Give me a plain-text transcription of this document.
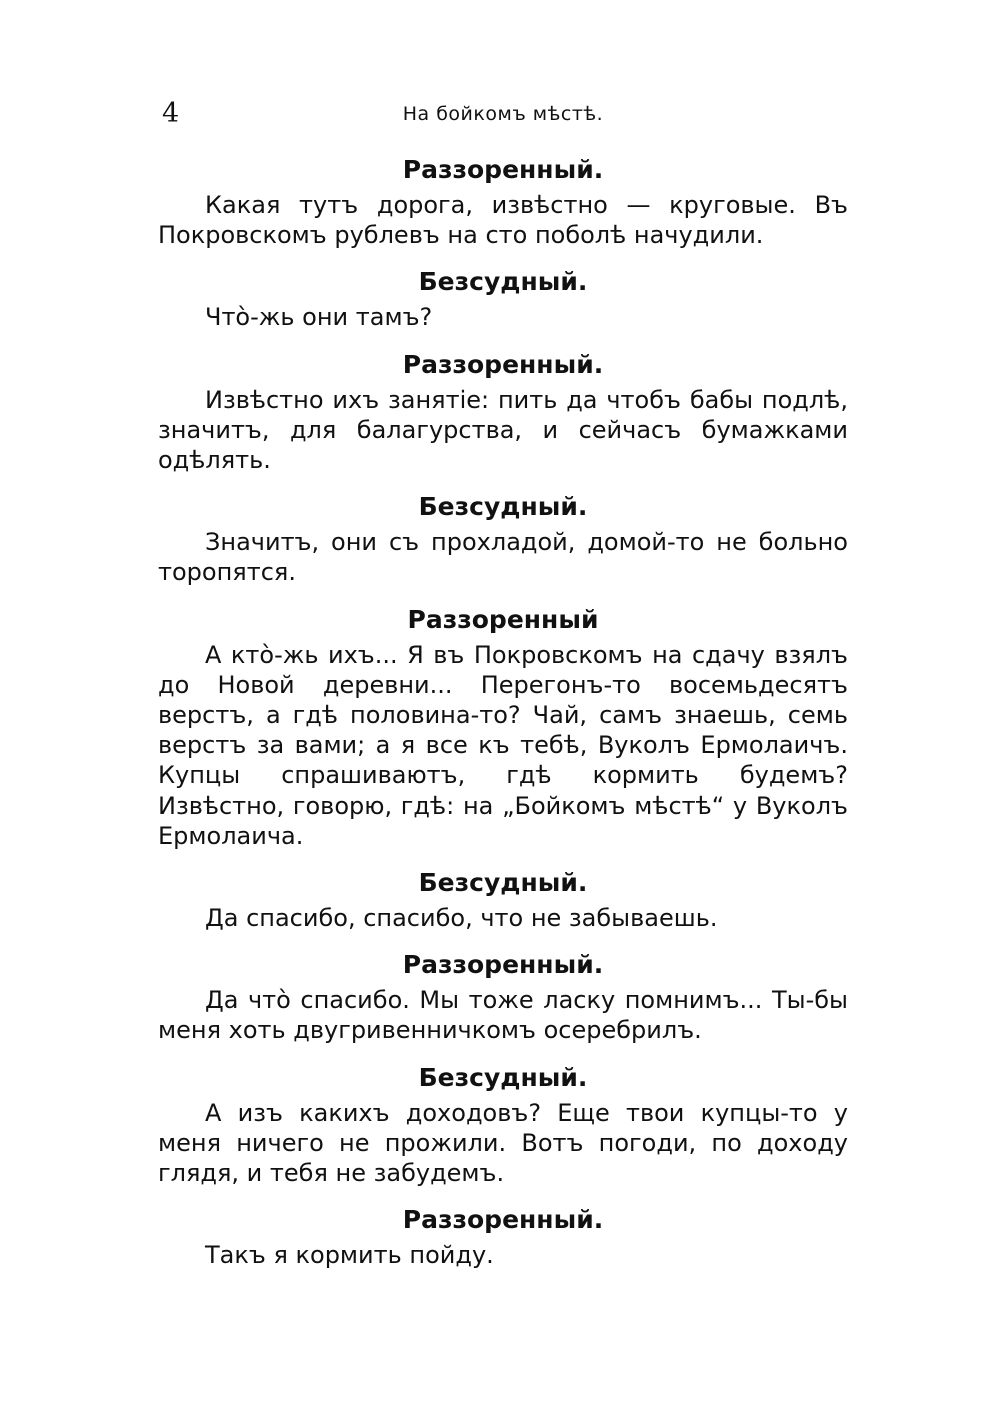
4	На бойкомъ мѣстѣ.
Раззоренный.

Какая тутъ дорога, извѣстно — круговые. Въ Покровскомъ рублевъ на сто поболѣ начудили.

Безсудный.

Что̀-жь они тамъ?

Раззоренный.

Извѣстно ихъ занятіе: пить да чтобъ бабы подлѣ, значитъ, для балагурства, и сейчасъ бумажками одѣлять.

Безсудный.

Значитъ, они съ прохладой, домой-то не больно торопятся.

Раззоренный

А кто̀-жь ихъ... Я въ Покровскомъ на сдачу взялъ до Новой деревни... Перегонъ-то восемьдесятъ верстъ, а гдѣ половина-то? Чай, самъ знаешь, семь верстъ за вами; а я все къ тебѣ, Вуколъ Ермолаичъ. Купцы спрашиваютъ, гдѣ кормить будемъ? Извѣстно, говорю, гдѣ: на „Бойкомъ мѣстѣ“ у Вуколъ Ермолаича.

Безсудный.

Да спасибо, спасибо, что не забываешь.

Раззоренный.

Да что̀ спасибо. Мы тоже ласку помнимъ... Ты-бы меня хоть двугривенничкомъ осеребрилъ.

Безсудный.

А изъ какихъ доходовъ? Еще твои купцы-то у меня ничего не прожили. Вотъ погоди, по доходу глядя, и тебя не забудемъ.

Раззоренный.

Такъ я кормить пойду.
